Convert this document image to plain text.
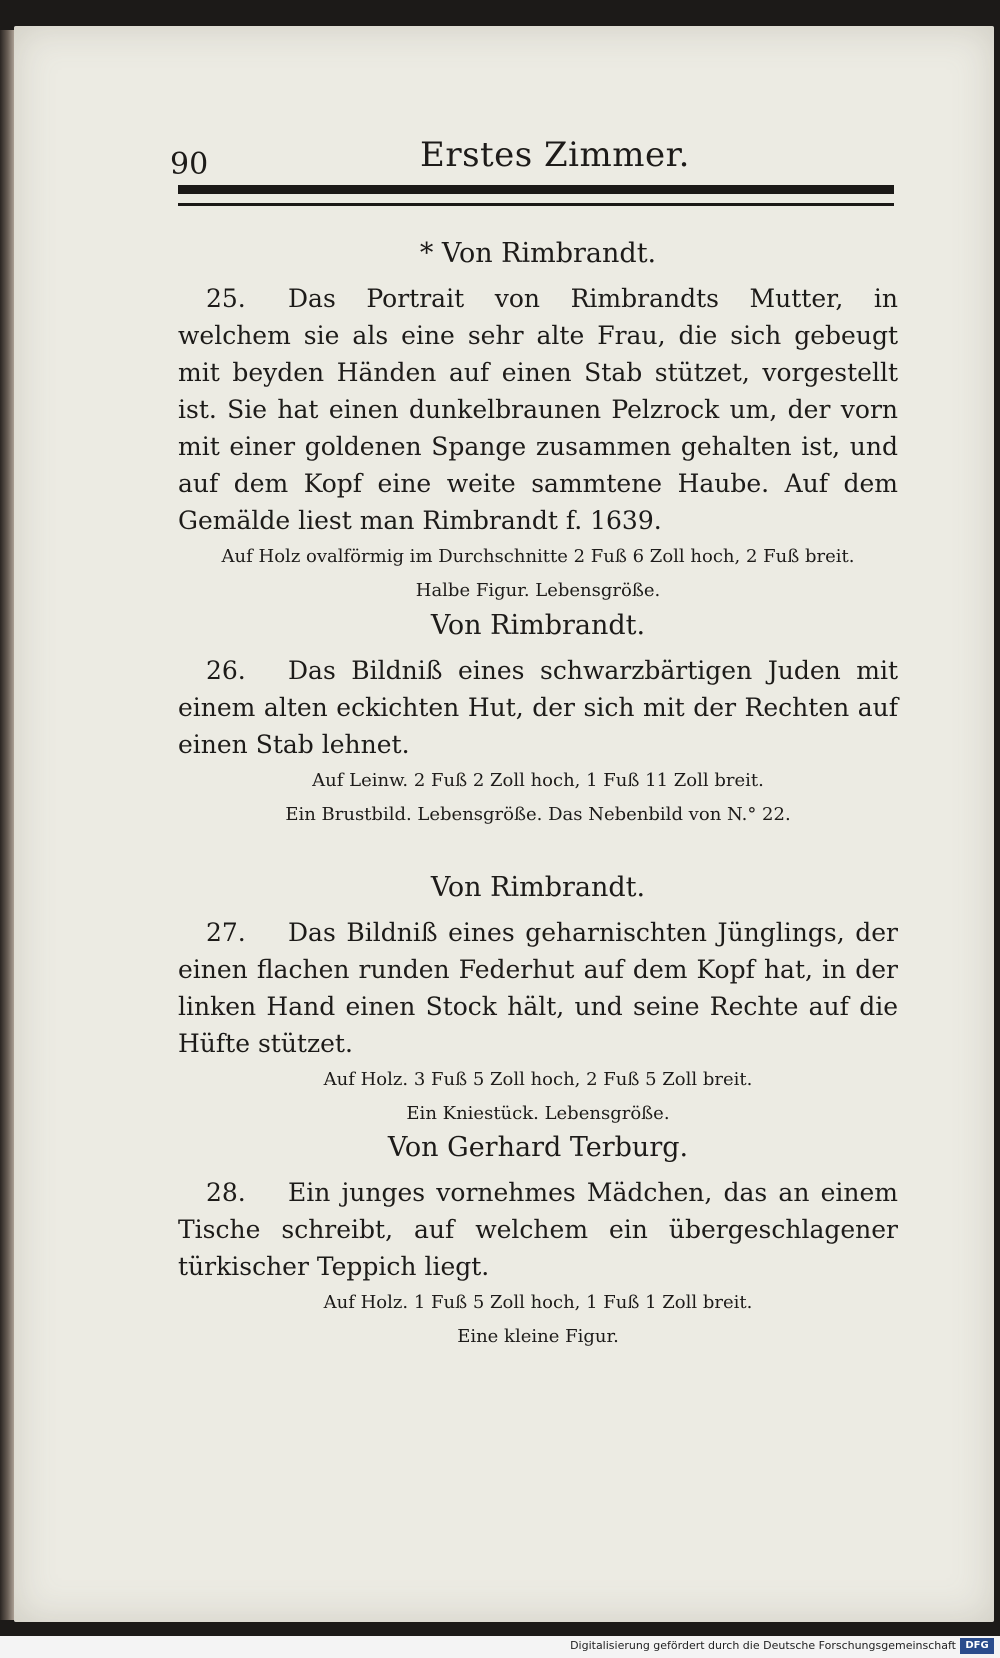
90	Erstes Zimmer.
* Von Rimbrandt.

25. Das Portrait von Rimbrandts Mutter, in welchem sie als eine sehr alte Frau, die sich gebeugt mit beyden Händen auf einen Stab stützet, vorgestellt ist. Sie hat einen dunkelbraunen Pelzrock um, der vorn mit einer goldenen Spange zusammen gehalten ist, und auf dem Kopf eine weite sammtene Haube. Auf dem Gemälde liest man Rimbrandt f. 1639.

Auf Holz ovalförmig im Durchschnitte 2 Fuß 6 Zoll hoch, 2 Fuß breit.
Halbe Figur. Lebensgröße.
Von Rimbrandt.

26. Das Bildniß eines schwarzbärtigen Juden mit einem alten eckichten Hut, der sich mit der Rechten auf einen Stab lehnet.

Auf Leinw. 2 Fuß 2 Zoll hoch, 1 Fuß 11 Zoll breit.
Ein Brustbild. Lebensgröße. Das Nebenbild von N.° 22.
Von Rimbrandt.

27. Das Bildniß eines geharnischten Jünglings, der einen flachen runden Federhut auf dem Kopf hat, in der linken Hand einen Stock hält, und seine Rechte auf die Hüfte stützet.

Auf Holz. 3 Fuß 5 Zoll hoch, 2 Fuß 5 Zoll breit.
Ein Kniestück. Lebensgröße.
Von Gerhard Terburg.

28. Ein junges vornehmes Mädchen, das an einem Tische schreibt, auf welchem ein übergeschlagener türkischer Teppich liegt.

Auf Holz. 1 Fuß 5 Zoll hoch, 1 Fuß 1 Zoll breit.
Eine kleine Figur.
Digitalisierung gefördert durch die Deutsche Forschungsgemeinschaft DFG
